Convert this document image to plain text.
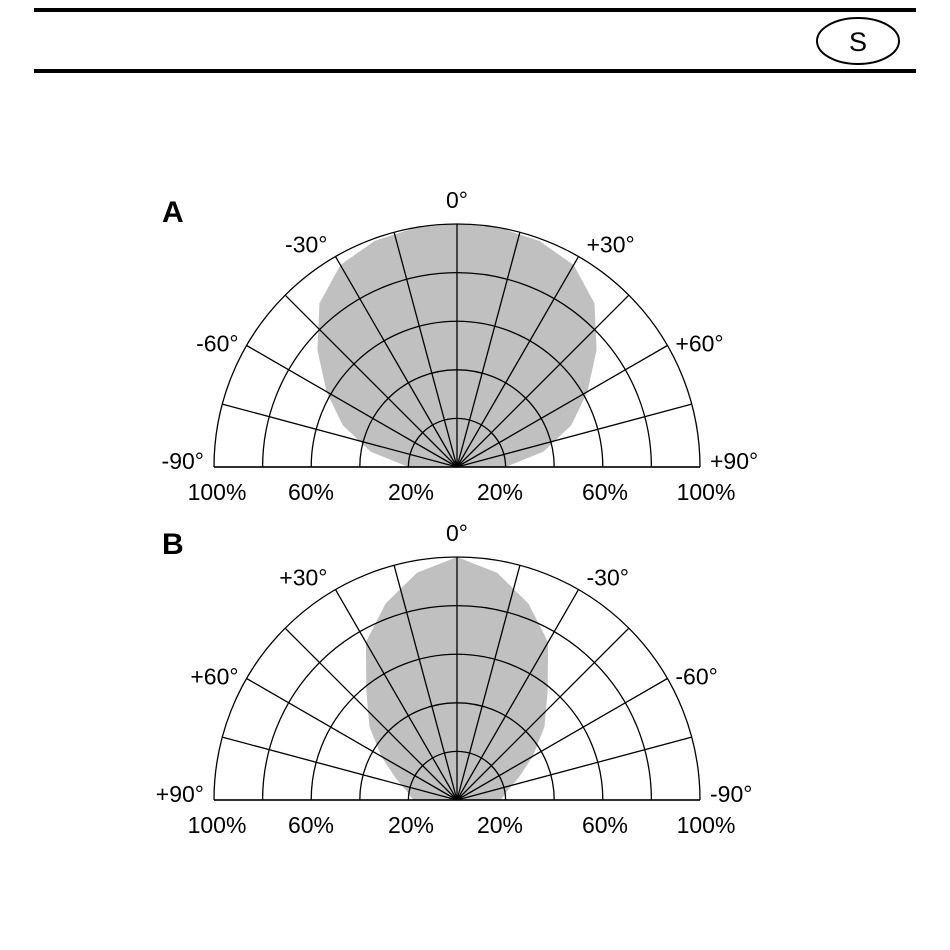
S
-90°
-60°
-30°
0°
+30°
+60°
+90°
100% 60% 20% 20%	60% 100%
A
+90°
+60°
+30°
0°
-30°
-60°
-90°
100% 60% 20% 20%	60% 100%
B
